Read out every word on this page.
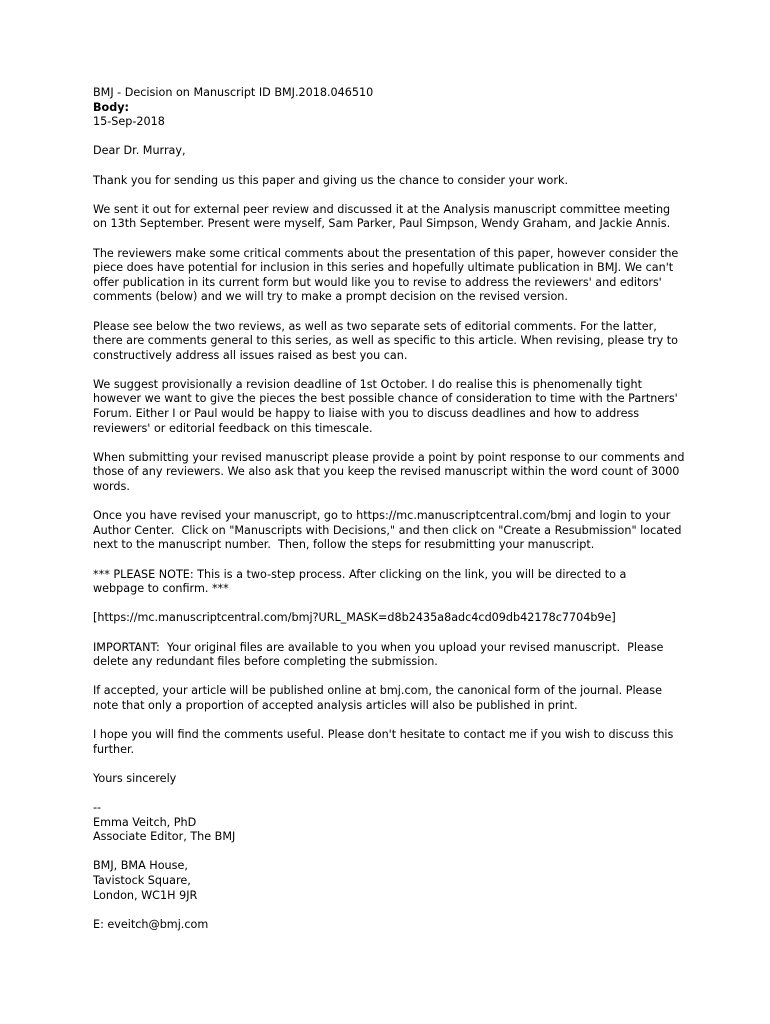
BMJ - Decision on Manuscript ID BMJ.2018.046510
Body:
15-Sep-2018
Dear Dr. Murray,
Thank you for sending us this paper and giving us the chance to consider your work.
We sent it out for external peer review and discussed it at the Analysis manuscript committee meeting
on 13th September. Present were myself, Sam Parker, Paul Simpson, Wendy Graham, and Jackie Annis.
The reviewers make some critical comments about the presentation of this paper, however consider the
piece does have potential for inclusion in this series and hopefully ultimate publication in BMJ. We can't
offer publication in its current form but would like you to revise to address the reviewers' and editors'
comments (below) and we will try to make a prompt decision on the revised version.
Please see below the two reviews, as well as two separate sets of editorial comments. For the latter,
there are comments general to this series, as well as specific to this article. When revising, please try to
constructively address all issues raised as best you can.
We suggest provisionally a revision deadline of 1st October. I do realise this is phenomenally tight
however we want to give the pieces the best possible chance of consideration to time with the Partners'
Forum. Either I or Paul would be happy to liaise with you to discuss deadlines and how to address
reviewers' or editorial feedback on this timescale.
When submitting your revised manuscript please provide a point by point response to our comments and
those of any reviewers. We also ask that you keep the revised manuscript within the word count of 3000
words.
Once you have revised your manuscript, go to https://mc.manuscriptcentral.com/bmj and login to your
Author Center.  Click on "Manuscripts with Decisions," and then click on "Create a Resubmission" located
next to the manuscript number.  Then, follow the steps for resubmitting your manuscript.
*** PLEASE NOTE: This is a two-step process. After clicking on the link, you will be directed to a
webpage to confirm. ***
[https://mc.manuscriptcentral.com/bmj?URL_MASK=d8b2435a8adc4cd09db42178c7704b9e]
IMPORTANT:  Your original files are available to you when you upload your revised manuscript.  Please
delete any redundant files before completing the submission.
If accepted, your article will be published online at bmj.com, the canonical form of the journal. Please
note that only a proportion of accepted analysis articles will also be published in print.
I hope you will find the comments useful. Please don't hesitate to contact me if you wish to discuss this
further.
Yours sincerely
--
Emma Veitch, PhD
Associate Editor, The BMJ
BMJ, BMA House,
Tavistock Square,
London, WC1H 9JR
E: eveitch@bmj.com
